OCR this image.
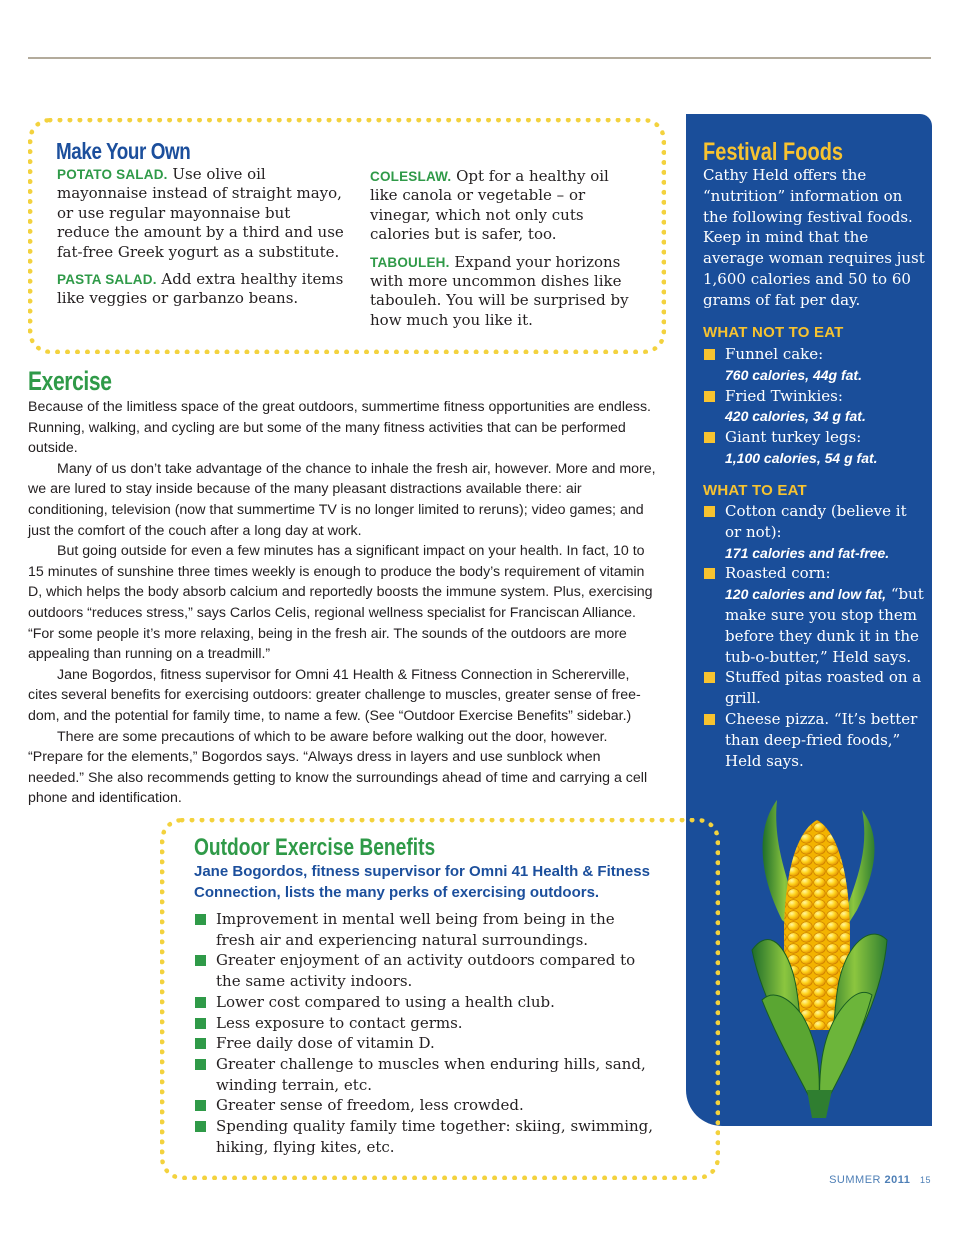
Make Your Own

POTATO SALAD. Use olive oil mayonnaise instead of straight mayo, or use regular mayonnaise but reduce the amount by a third and use fat-free Greek yogurt as a substitute.

PASTA SALAD. Add extra healthy items like veggies or garbanzo beans.

COLESLAW. Opt for a healthy oil like canola or vegetable – or vinegar, which not only cuts calories but is safer, too.

TABOULEH. Expand your horizons with more uncommon dishes like tabouleh. You will be surprised by how much you like it.

Exercise

Because of the limitless space of the great outdoors, summertime fitness opportunities are endless. Running, walking, and cycling are but some of the many fitness activities that can be performed outside.

Many of us don’t take advantage of the chance to inhale the fresh air, however. More and more, we are lured to stay inside because of the many pleasant distractions available there: air conditioning, television (now that summertime TV is no longer limited to reruns); video games; and just the comfort of the couch after a long day at work.

But going outside for even a few minutes has a significant impact on your health. In fact, 10 to 15 minutes of sunshine three times weekly is enough to produce the body’s requirement of vitamin D, which helps the body absorb calcium and reportedly boosts the immune system. Plus, exercising outdoors “reduces stress,” says Carlos Celis, regional wellness specialist for Franciscan Alliance. “For some people it’s more relaxing, being in the fresh air. The sounds of the outdoors are more appealing than running on a treadmill.”

Jane Bogordos, fitness supervisor for Omni 41 Health & Fitness Connection in Schererville, cites several benefits for exercising outdoors: greater challenge to muscles, greater sense of free-dom, and the potential for family time, to name a few. (See “Outdoor Exercise Benefits” sidebar.)

There are some precautions of which to be aware before walking out the door, however. “Prepare for the elements,” Bogordos says. “Always dress in layers and use sunblock when needed.” She also recommends getting to know the surroundings ahead of time and carrying a cell phone and identification.

Festival Foods
Cathy Held offers the “nutrition” information on the following festival foods. Keep in mind that the average woman requires just 1,600 calories and 50 to 60 grams of fat per day.
WHAT NOT TO EAT
Funnel cake:
760 calories, 44g fat.
Fried Twinkies:
420 calories, 34 g fat.
Giant turkey legs:
1,100 calories, 54 g fat.
WHAT TO EAT
Cotton candy (believe it or not):
171 calories and fat-free.
Roasted corn:
120 calories and low fat, “but make sure you stop them before they dunk it in the tub-o-butter,” Held says.
Stuffed pitas roasted on a grill.
Cheese pizza. “It’s better than deep-fried foods,” Held says.
Outdoor Exercise Benefits
Jane Bogordos, fitness supervisor for Omni 41 Health & Fitness Connection, lists the many perks of exercising outdoors.
Improvement in mental well being from being in the fresh air and experiencing natural surroundings.
Greater enjoyment of an activity outdoors compared to the same activity indoors.
Lower cost compared to using a health club.
Less exposure to contact germs.
Free daily dose of vitamin D.
Greater challenge to muscles when enduring hills, sand, winding terrain, etc.
Greater sense of freedom, less crowded.
Spending quality family time together: skiing, swimming, hiking, flying kites, etc.
SUMMER 2011 15
